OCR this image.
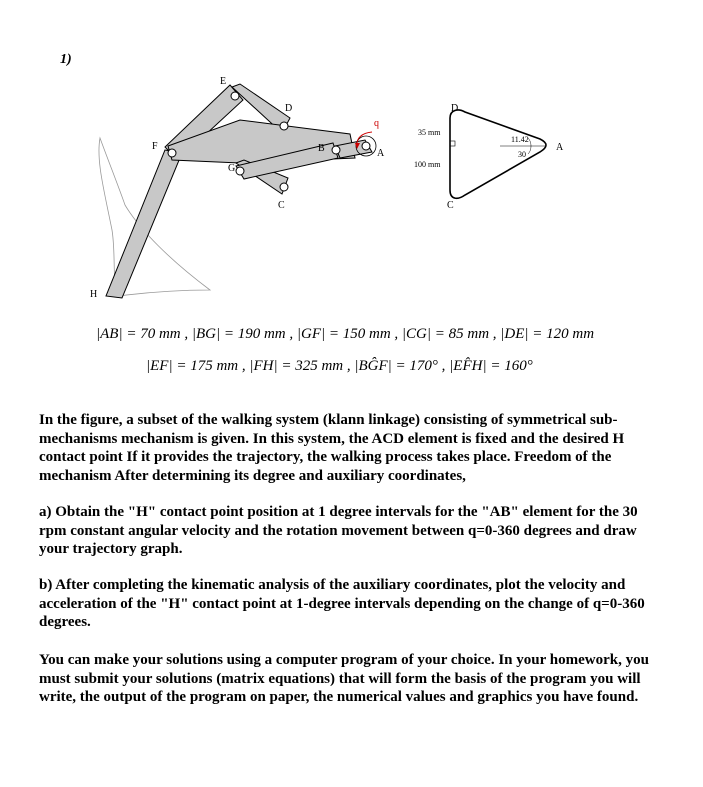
1)
E
D
F	B
G
C
H
A
q
D
C
A
35 mm
100 mm
11.42
30
|AB| = 70 mm , |BG| = 190 mm , |GF| = 150 mm , |CG| = 85 mm , |DE| = 120 mm
|EF| = 175 mm , |FH| = 325 mm , |BĜF| = 170° , |EF̂H| = 160°
In the figure, a subset of the walking system (klann linkage) consisting of symmetrical sub-mechanisms mechanism is given. In this system, the ACD element is fixed and the desired H contact point If it provides the trajectory, the walking process takes place. Freedom of the mechanism After determining its degree and auxiliary coordinates,
a) Obtain the "H" contact point position at 1 degree intervals for the "AB" element for the 30 rpm constant angular velocity and the rotation movement between q=0-360 degrees and draw your trajectory graph.
b) After completing the kinematic analysis of the auxiliary coordinates, plot the velocity and acceleration of the "H" contact point at 1-degree intervals depending on the change of q=0-360 degrees.
You can make your solutions using a computer program of your choice. In your homework, you must submit your solutions (matrix equations) that will form the basis of the program you will write, the output of the program on paper, the numerical values and graphics you have found.
